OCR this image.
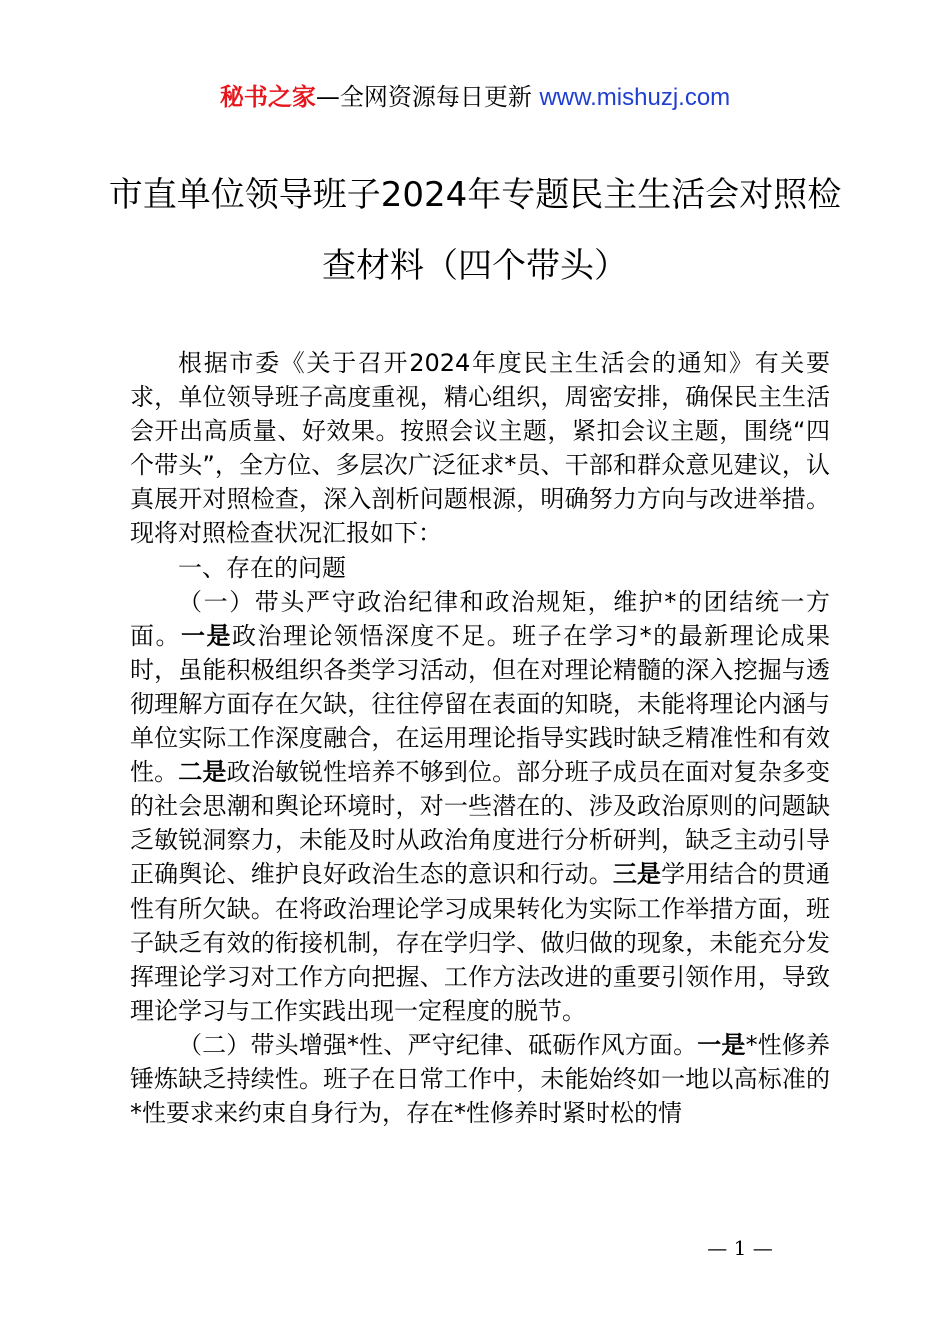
秘书之家—全网资源每日更新 www.mishuzj.com
市直单位领导班子2024年专题民主生活会对照检查材料（四个带头）

根据市委《关于召开2024年度民主生活会的通知》有关要求，单位领导班子高度重视，精心组织，周密安排，确保民主生活会开出高质量、好效果。按照会议主题，紧扣会议主题，围绕“四个带头”，全方位、多层次广泛征求*员、干部和群众意见建议，认真展开对照检查，深入剖析问题根源，明确努力方向与改进举措。现将对照检查状况汇报如下：

一、存在的问题

（一）带头严守政治纪律和政治规矩，维护*的团结统一方面。一是政治理论领悟深度不足。班子在学习*的最新理论成果时，虽能积极组织各类学习活动，但在对理论精髓的深入挖掘与透彻理解方面存在欠缺，往往停留在表面的知晓，未能将理论内涵与单位实际工作深度融合，在运用理论指导实践时缺乏精准性和有效性。二是政治敏锐性培养不够到位。部分班子成员在面对复杂多变的社会思潮和舆论环境时，对一些潜在的、涉及政治原则的问题缺乏敏锐洞察力，未能及时从政治角度进行分析研判，缺乏主动引导正确舆论、维护良好政治生态的意识和行动。三是学用结合的贯通性有所欠缺。在将政治理论学习成果转化为实际工作举措方面，班子缺乏有效的衔接机制，存在学归学、做归做的现象，未能充分发挥理论学习对工作方向把握、工作方法改进的重要引领作用，导致理论学习与工作实践出现一定程度的脱节。

（二）带头增强*性、严守纪律、砥砺作风方面。一是*性修养锤炼缺乏持续性。班子在日常工作中，未能始终如一地以高标准的*性要求来约束自身行为，存在*性修养时紧时松的情

— 1 —
